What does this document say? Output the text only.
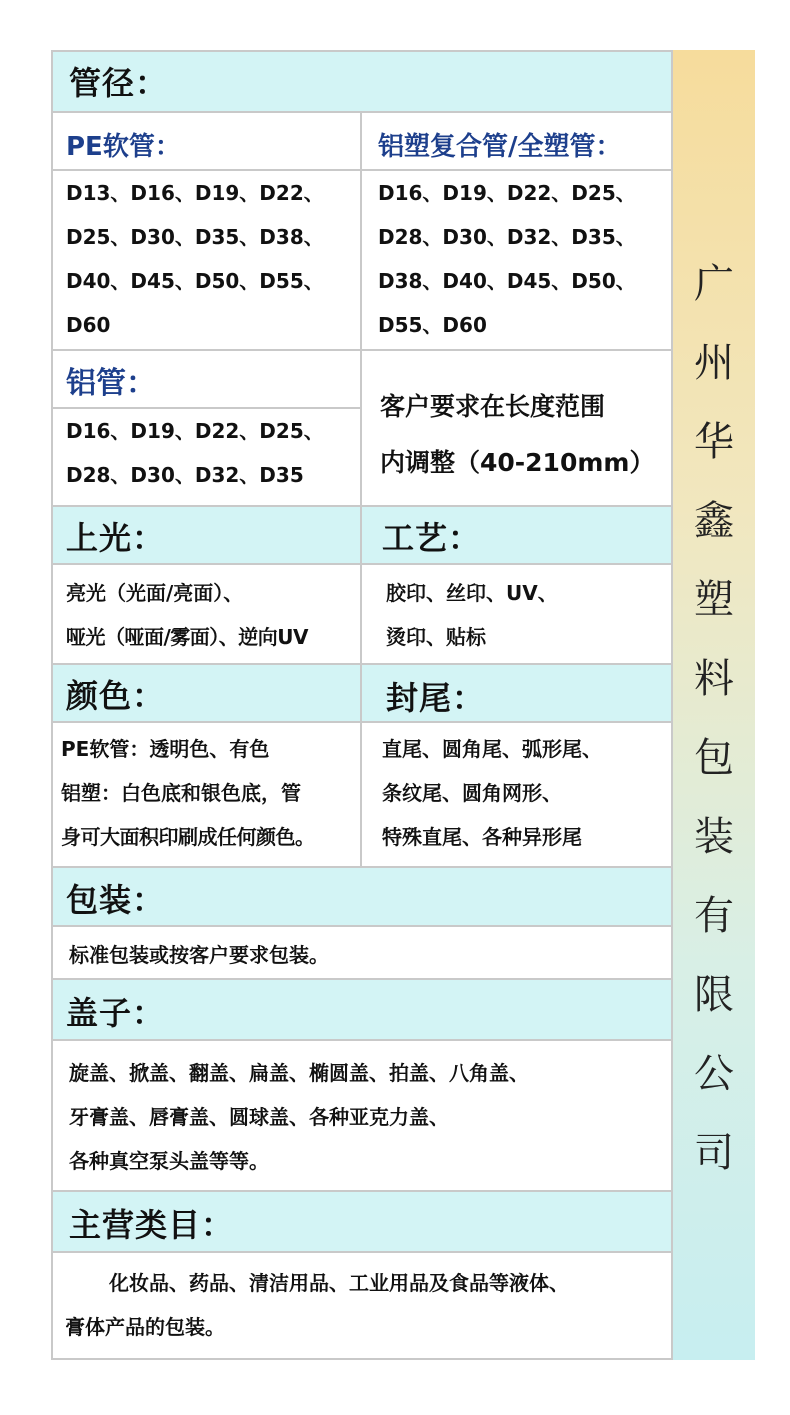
管径：
PE软管：
D13、D16、D19、D22、
D25、D30、D35、D38、
D40、D45、D50、D55、
D60
铝塑复合管/全塑管：
D16、D19、D22、D25、
D28、D30、D32、D35、
D38、D40、D45、D50、
D55、D60
铝管：
D16、D19、D22、D25、
D28、D30、D32、D35
客户要求在长度范围
内调整（40-210mm）
上光：	工艺：
亮光（光面/亮面）、
哑光（哑面/雾面）、逆向UV
胶印、丝印、UV、
烫印、贴标
颜色：	封尾：
PE软管：透明色、有色
铝塑：白色底和银色底，管
身可大面积印刷成任何颜色。
直尾、圆角尾、弧形尾、
条纹尾、圆角网形、
特殊直尾、各种异形尾
包装：
标准包装或按客户要求包装。
盖子：
旋盖、掀盖、翻盖、扁盖、椭圆盖、拍盖、八角盖、
牙膏盖、唇膏盖、圆球盖、各种亚克力盖、
各种真空泵头盖等等。
主营类目：
化妆品、药品、清洁用品、工业用品及食品等液体、
膏体产品的包装。
广
州
华
鑫
塑
料
包
装
有
限
公
司
